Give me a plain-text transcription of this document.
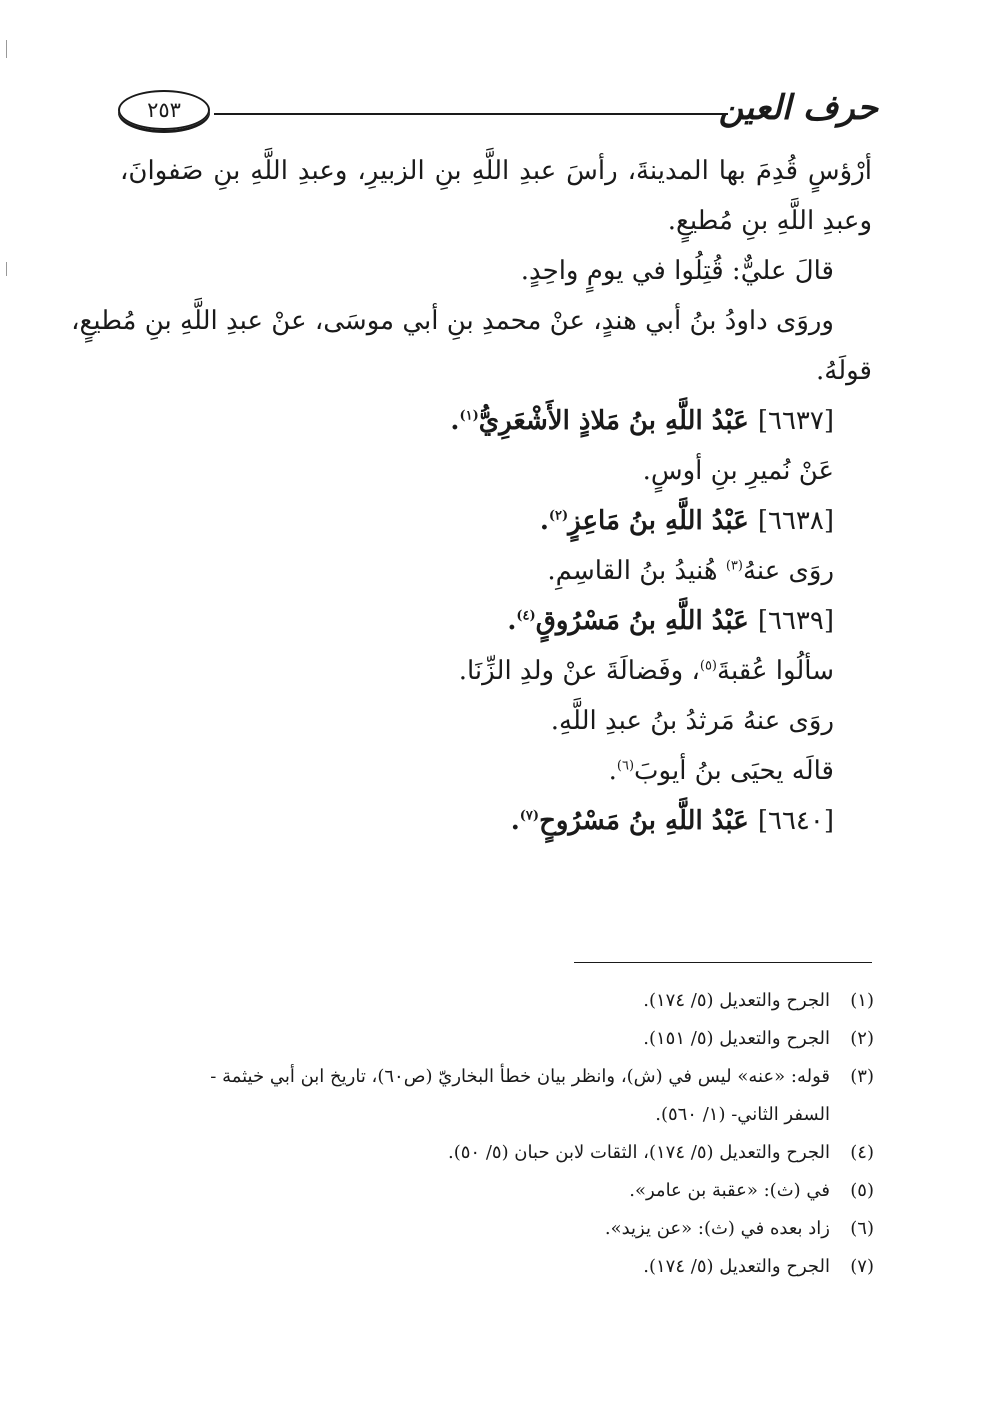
حرف العين
٢٥٣
أرْؤسٍ قُدِمَ بها المدينةَ، رأسَ عبدِ اللَّهِ بنِ الزبيرِ، وعبدِ اللَّهِ بنِ صَفوانَ،
وعبدِ اللَّهِ بنِ مُطيعٍ.
قالَ عليٌّ: قُتِلُوا في يومٍ واحِدٍ.
وروَى داودُ بنُ أبي هندٍ، عنْ محمدِ بنِ أبي موسَى، عنْ عبدِ اللَّهِ بنِ مُطيعٍ،
قولَهُ.
[٦٦٣٧] عَبْدُ اللَّهِ بنُ مَلاذٍ الأَشْعَرِيُّ$^{(١)}$.
عَنْ نُميرِ بنِ أوسٍ.
[٦٦٣٨] عَبْدُ اللَّهِ بنُ مَاعِزٍ$^{(٢)}$.
روَى عنهُ$^{(٣)}$ هُنيدُ بنُ القاسِمِ.
[٦٦٣٩] عَبْدُ اللَّهِ بنُ مَسْرُوقٍ$^{(٤)}$.
سألُوا عُقبةَ$^{(٥)}$، وفَضالَةَ عنْ ولدِ الزِّنَا.
روَى عنهُ مَرثدُ بنُ عبدِ اللَّهِ.
قالَه يحيَى بنُ أيوبَ$^{(٦)}$.
[٦٦٤٠] عَبْدُ اللَّهِ بنُ مَسْرُوحٍ$^{(٧)}$.
(١)
الجرح والتعديل (٥/ ١٧٤).
(٢)
الجرح والتعديل (٥/ ١٥١).
(٣)
قوله: «عنه» ليس في (ش)، وانظر بيان خطأ البخاريّ (ص٦٠)، تاريخ ابن أبي خيثمة -
السفر الثاني- (١/ ٥٦٠).
(٤)
الجرح والتعديل (٥/ ١٧٤)، الثقات لابن حبان (٥/ ٥٠).
(٥)
في (ث): «عقبة بن عامر».
(٦)
زاد بعده في (ث): «عن يزيد».
(٧)
الجرح والتعديل (٥/ ١٧٤).
